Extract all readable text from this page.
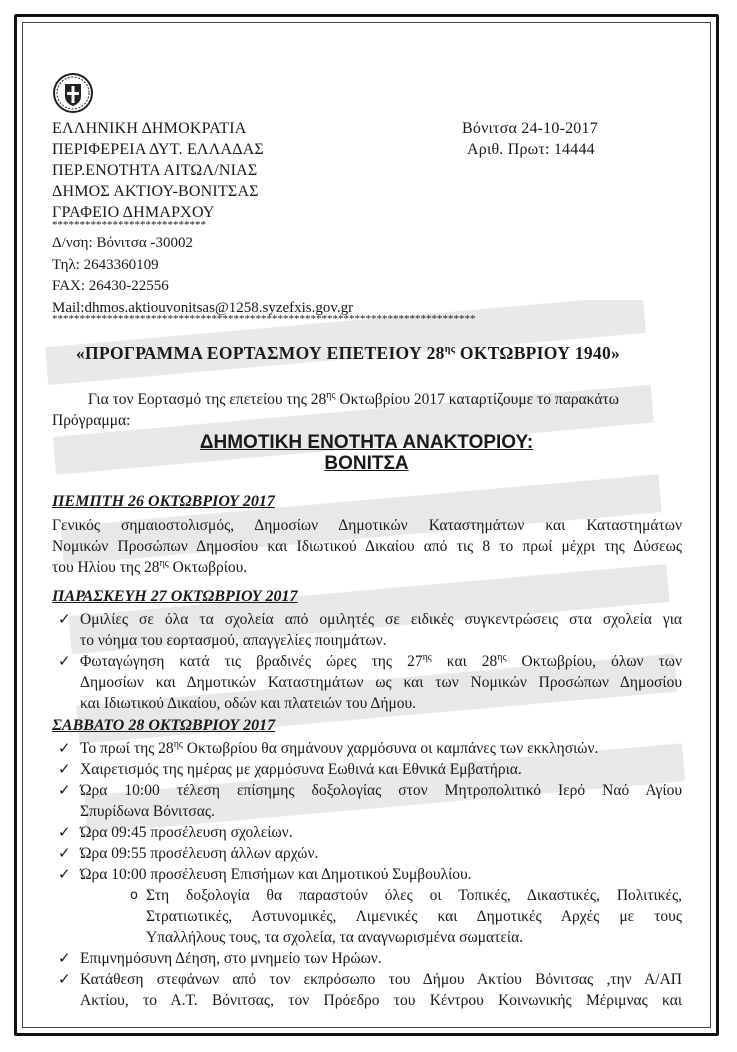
ΕΛΛΗΝΙΚΗ ΔΗΜΟΚΡΑΤΙΑ
ΠΕΡΙΦΕΡΕΙΑ ΔΥΤ. ΕΛΛΑΔΑΣ
ΠΕΡ.ΕΝΟΤΗΤΑ ΑΙΤΩΛ/ΝΙΑΣ
ΔΗΜΟΣ ΑΚΤΙΟΥ-ΒΟΝΙΤΣΑΣ
ΓΡΑΦΕΙΟ ΔΗΜΑΡΧΟΥ
****************************
Βόνιτσα 24-10-2017
Αριθ. Πρωτ: 14444
Δ/νση: Βόνιτσα -30002
Τηλ: 2643360109
FAX: 26430-22556
Mail:dhmos.aktiouvonitsas@1258.syzefxis.gov.gr
*****************************************************************************
«ΠΡΟΓΡΑΜΜΑ ΕΟΡΤΑΣΜΟΥ ΕΠΕΤΕΙΟΥ $28^{\eta\varsigma}$ ΟΚΤΩΒΡΙΟΥ 1940»
Για τον Εορτασμό της επετείου της $28^{\eta\varsigma}$ Οκτωβρίου 2017 καταρτίζουμε το παρακάτω
Πρόγραμμα:
ΔΗΜΟΤΙΚΗ ΕΝΟΤΗΤΑ ΑΝΑΚΤΟΡΙΟΥ:
ΒΟΝΙΤΣΑ
ΠΕΜΠΤΗ 26 ΟΚΤΩΒΡΙΟΥ 2017
Γενικός σημαιοστολισμός, Δημοσίων Δημοτικών Καταστημάτων και Καταστημάτων
Νομικών Προσώπων Δημοσίου και Ιδιωτικού Δικαίου από τις 8 το πρωί μέχρι της Δύσεως
του Ηλίου της $28^{\eta\varsigma}$ Οκτωβρίου.
ΠΑΡΑΣΚΕΥΗ 27 ΟΚΤΩΒΡΙΟΥ 2017
✓ Ομιλίες σε όλα τα σχολεία από ομιλητές σε ειδικές συγκεντρώσεις στα σχολεία για
το νόημα του εορτασμού, απαγγελίες ποιημάτων.
✓ Φωταγώγηση κατά τις βραδινές ώρες της $27^{\eta\varsigma}$ και $28^{\eta\varsigma}$ Οκτωβρίου, όλων των
Δημοσίων και Δημοτικών Καταστημάτων ως και των Νομικών Προσώπων Δημοσίου
και Ιδιωτικού Δικαίου, οδών και πλατειών του Δήμου.
ΣΑΒΒΑΤΟ 28 ΟΚΤΩΒΡΙΟΥ 2017
✓ Το πρωί της $28^{\eta\varsigma}$ Οκτωβρίου θα σημάνουν χαρμόσυνα οι καμπάνες των εκκλησιών.
✓ Χαιρετισμός της ημέρας με χαρμόσυνα Εωθινά και Εθνικά Εμβατήρια.
✓ Ώρα 10:00 τέλεση επίσημης δοξολογίας στον Μητροπολιτικό Ιερό Ναό Αγίου
Σπυρίδωνα Βόνιτσας.
✓ Ώρα 09:45 προσέλευση σχολείων.
✓ Ώρα 09:55 προσέλευση άλλων αρχών.
✓ Ώρα 10:00 προσέλευση Επισήμων και Δημοτικού Συμβουλίου.
o Στη δοξολογία θα παραστούν όλες οι Τοπικές, Δικαστικές, Πολιτικές,
Στρατιωτικές, Αστυνομικές, Λιμενικές και Δημοτικές Αρχές με τους
Υπαλλήλους τους, τα σχολεία, τα αναγνωρισμένα σωματεία.
✓ Επιμνημόσυνη Δέηση, στο μνημείο των Ηρώων.
✓ Κατάθεση στεφάνων από τον εκπρόσωπο του Δήμου Ακτίου Βόνιτσας ,την Α/ΑΠ
Ακτίου, το Α.Τ. Βόνιτσας, τον Πρόεδρο του Κέντρου Κοινωνικής Μέριμνας και
